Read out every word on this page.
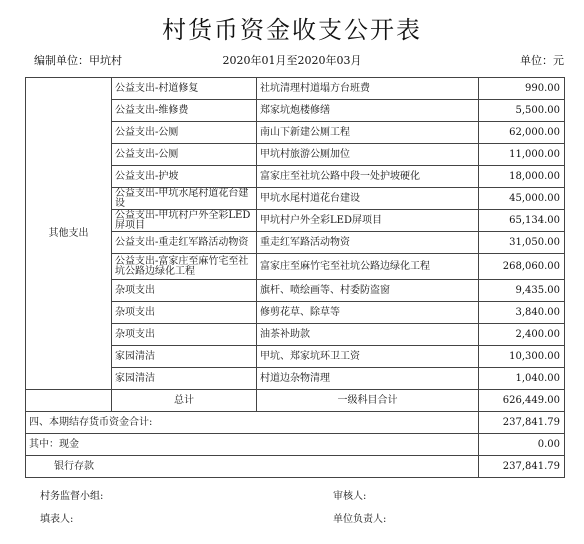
村货币资金收支公开表
编制单位：甲坑村	2020年01月至2020年03月	单位：元
其他支出	公益支出-村道修复	社坑清理村道塌方台班费	990.00
	公益支出-维修费	郑家坑炮楼修缮	5,500.00
	公益支出-公厕	南山下新建公厕工程	62,000.00
	公益支出-公厕	甲坑村旅游公厕加位	11,000.00
	公益支出-护坡	富家庄至社坑公路中段一处护坡硬化	18,000.00
	公益支出-甲坑水尾村道花台建设	甲坑水尾村道花台建设	45,000.00
	公益支出-甲坑村户外全彩LED屏项目	甲坑村户外全彩LED屏项目	65,134.00
	公益支出-重走红军路活动物资	重走红军路活动物资	31,050.00
	公益支出-富家庄至麻竹宅至社坑公路边绿化工程	富家庄至麻竹宅至社坑公路边绿化工程	268,060.00
	杂项支出	旗杆、喷绘画等、村委防盗窗	9,435.00
	杂项支出	修剪花草、除草等	3,840.00
	杂项支出	油茶补助款	2,400.00
	家园清洁	甲坑、郑家坑环卫工资	10,300.00
	家园清洁	村道边杂物清理	1,040.00
	总计	一级科目合计	626,449.00
四、本期结存货币资金合计:			237,841.79
其中：现金			0.00
银行存款			237,841.79
村务监督小组:	审核人:
填表人:	单位负责人:
